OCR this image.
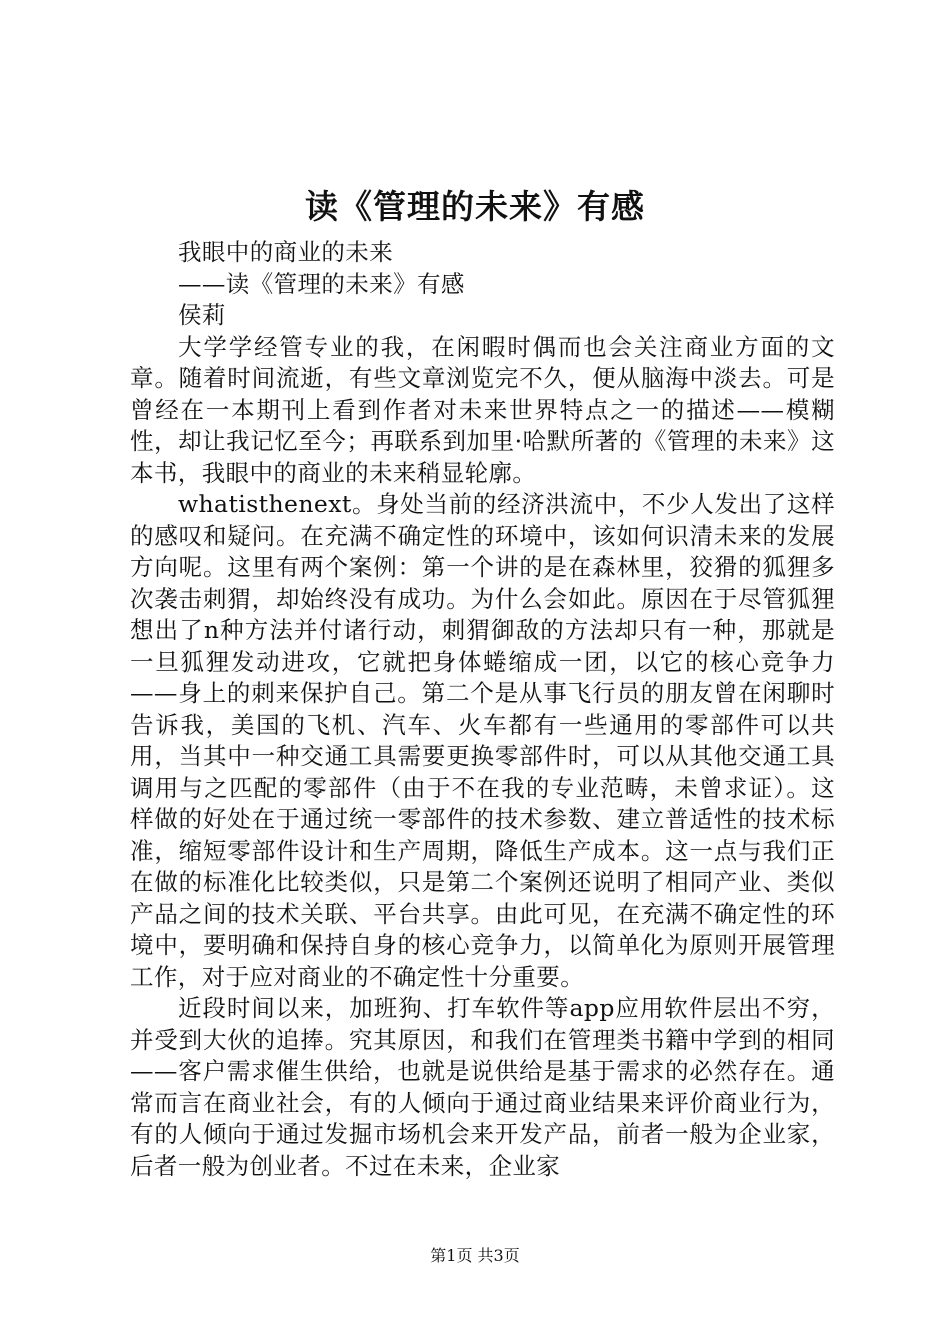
读《管理的未来》有感

我眼中的商业的未来

——读《管理的未来》有感

侯莉

大学学经管专业的我，在闲暇时偶而也会关注商业方面的文章。随着时间流逝，有些文章浏览完不久，便从脑海中淡去。可是曾经在一本期刊上看到作者对未来世界特点之一的描述——模糊性，却让我记忆至今；再联系到加里·哈默所著的《管理的未来》这本书，我眼中的商业的未来稍显轮廓。

whatisthenext。身处当前的经济洪流中，不少人发出了这样的感叹和疑问。在充满不确定性的环境中，该如何识清未来的发展方向呢。这里有两个案例：第一个讲的是在森林里，狡猾的狐狸多次袭击刺猬，却始终没有成功。为什么会如此。原因在于尽管狐狸想出了n种方法并付诸行动，刺猬御敌的方法却只有一种，那就是一旦狐狸发动进攻，它就把身体蜷缩成一团，以它的核心竞争力——身上的刺来保护自己。第二个是从事飞行员的朋友曾在闲聊时告诉我，美国的飞机、汽车、火车都有一些通用的零部件可以共用，当其中一种交通工具需要更换零部件时，可以从其他交通工具调用与之匹配的零部件（由于不在我的专业范畴，未曾求证）。这样做的好处在于通过统一零部件的技术参数、建立普适性的技术标准，缩短零部件设计和生产周期，降低生产成本。这一点与我们正在做的标准化比较类似，只是第二个案例还说明了相同产业、类似产品之间的技术关联、平台共享。由此可见，在充满不确定性的环境中，要明确和保持自身的核心竞争力，以简单化为原则开展管理工作，对于应对商业的不确定性十分重要。

近段时间以来，加班狗、打车软件等app应用软件层出不穷，并受到大伙的追捧。究其原因，和我们在管理类书籍中学到的相同——客户需求催生供给，也就是说供给是基于需求的必然存在。通常而言在商业社会，有的人倾向于通过商业结果来评价商业行为，有的人倾向于通过发掘市场机会来开发产品，前者一般为企业家，后者一般为创业者。不过在未来，企业家

第1页 共3页
